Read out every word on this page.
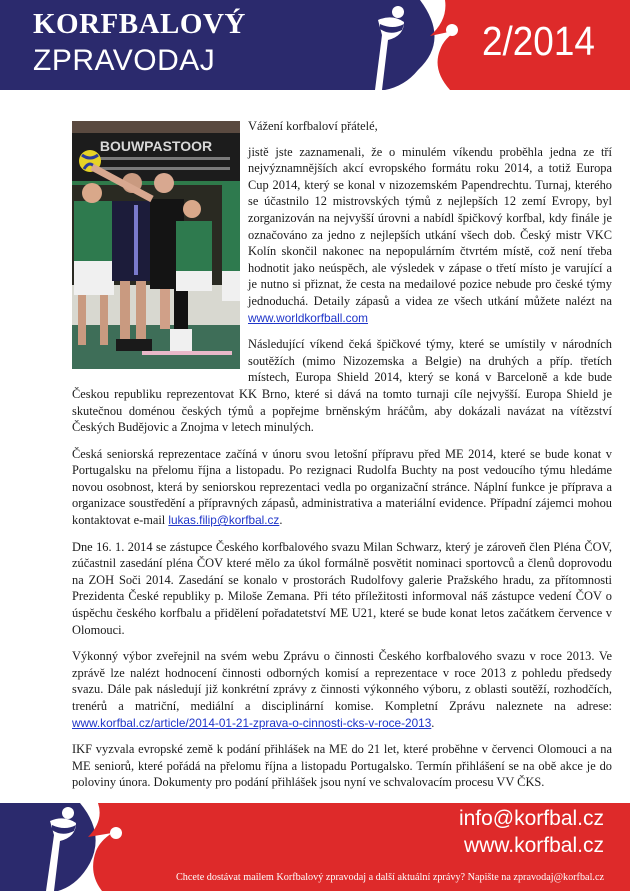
KORFBALOVÝ
ZPRAVODAJ	2/2014
BOUWPASTOOR

Vážení korfbaloví přátelé,

jistě jste zaznamenali, že o minulém víkendu proběhla jedna ze tří nejvýznamnějších akcí evropského formátu roku 2014, a totiž Europa Cup 2014, který se konal v nizozemském Papendrechtu. Turnaj, kterého se účastnilo 12 mistrovských týmů z nejlepších 12 zemí Evropy, byl zorganizován na nejvyšší úrovni a nabídl špičkový korfbal, kdy finále je označováno za jedno z nejlepších utkání všech dob. Český mistr VKC Kolín skončil nakonec na nepopulárním čtvrtém místě, což není třeba hodnotit jako neúspěch, ale výsledek v zápase o třetí místo je varující a je nutno si přiznat, že cesta na medailové pozice nebude pro české týmy jednoduchá. Detaily zápasů a videa ze všech utkání můžete nalézt na www.worldkorfball.com

Následující víkend čeká špičkové týmy, které se umístily v národních soutěžích (mimo Nizozemska a Belgie) na druhých a příp. třetích místech, Europa Shield 2014, který se koná v Barceloně a kde bude Českou republiku reprezentovat KK Brno, které si dává na tomto turnaji cíle nejvyšší. Europa Shield je skutečnou doménou českých týmů a popřejme brněnským hráčům, aby dokázali navázat na vítězství Českých Budějovic a Znojma v letech minulých.

Česká seniorská reprezentace začíná v únoru svou letošní přípravu před ME 2014, které se bude konat v Portugalsku na přelomu října a listopadu. Po rezignaci Rudolfa Buchty na post vedoucího týmu hledáme novou osobnost, která by seniorskou reprezentaci vedla po organizační stránce. Náplní funkce je příprava a organizace soustředění a přípravných zápasů, administrativa a materiální evidence. Případní zájemci mohou kontaktovat e-mail lukas.filip@korfbal.cz.

Dne 16. 1. 2014 se zástupce Českého korfbalového svazu Milan Schwarz, který je zároveň člen Pléna ČOV, zúčastnil zasedání pléna ČOV které mělo za úkol formálně posvětit nominaci sportovců a členů doprovodu na ZOH Soči 2014. Zasedání se konalo v prostorách Rudolfovy galerie Pražského hradu, za přítomnosti Prezidenta České republiky p. Miloše Zemana. Při této příležitosti informoval náš zástupce vedení ČOV o úspěchu českého korfbalu a přidělení pořadatetství ME U21, které se bude konat letos začátkem července v Olomouci.

Výkonný výbor zveřejnil na svém webu Zprávu o činnosti Českého korfbalového svazu v roce 2013. Ve zprávě lze nalézt hodnocení činnosti odborných komisí a reprezentace v roce 2013 z pohledu předsedy svazu. Dále pak následují již konkrétní zprávy z činnosti výkonného výboru, z oblasti soutěží, rozhodčích, trenérů a matriční, mediální a disciplinární komise. Kompletní Zprávu naleznete na adrese: www.korfbal.cz/article/2014-01-21-zprava-o-cinnosti-cks-v-roce-2013.

IKF vyzvala evropské země k podání přihlášek na ME do 21 let, které proběhne v červenci Olomouci a na ME seniorů, které pořádá na přelomu října a listopadu Portugalsko. Termín přihlášení se na obě akce je do poloviny února. Dokumenty pro podání přihlášek jsou nyní ve schvalovacím procesu VV ČKS.

info@korfbal.cz
www.korfbal.cz
Chcete dostávat mailem Korfbalový zpravodaj a další aktuální zprávy? Napište na zpravodaj@korfbal.cz
